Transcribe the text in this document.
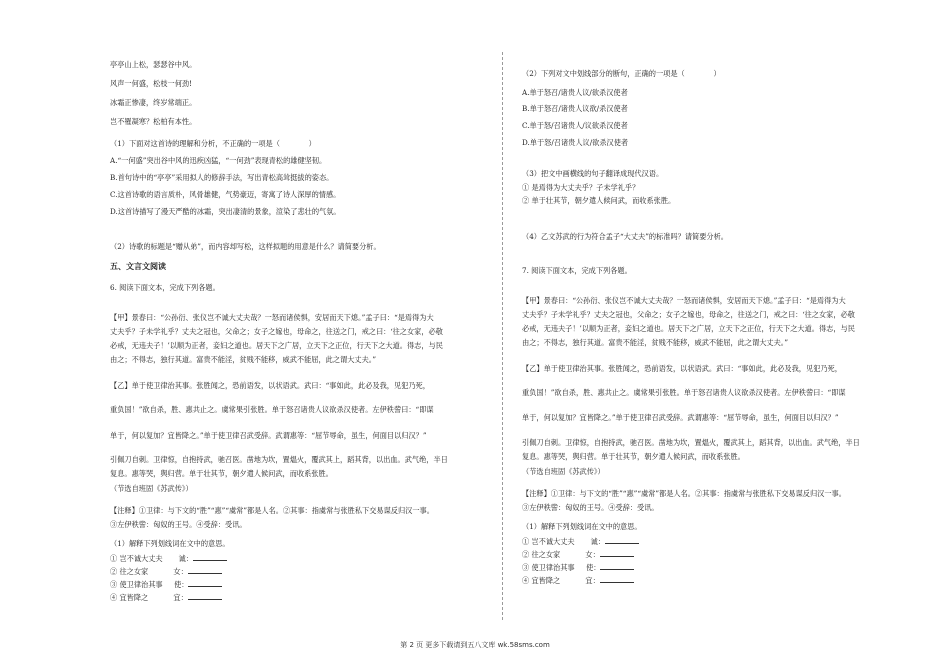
亭亭山上松，瑟瑟谷中风。
风声一何盛，松枝一何劲!
冰霜正惨凄，终岁常端正。
岂不罹凝寒？松柏有本性。
（1）下面对这首诗的理解和分析，不正确的一项是（　　　　）
A.“一何盛”突出谷中风的迅疾凶猛，“一何劲”表现青松的雄健坚韧。
B.首句诗中的“亭亭”采用拟人的修辞手法，写出青松高耸挺拔的姿态。
C.这首诗歌的语言质朴，风骨雄健，气势豪迈，寄寓了诗人深厚的情感。
D.这首诗描写了漫天严酷的冰霜，突出凄清的景象，渲染了悲壮的气氛。
（2）诗歌的标题是“赠从弟”，而内容却写松，这样拟题的用意是什么？请简要分析。
五、文言文阅读
6. 阅读下面文本，完成下列各题。
【甲】景春曰：“公孙衍、张仪岂不诚大丈夫哉？一怒而诸侯惧，安居而天下熄。”孟子曰：“是焉得为大
丈夫乎？子未学礼乎？丈夫之冠也，父命之；女子之嫁也，母命之，往送之门，戒之曰：‘往之女家，必敬
必戒，无违夫子！’以顺为正者，妾妇之道也。居天下之广居，立天下之正位，行天下之大道。得志，与民
由之；不得志，独行其道。富贵不能淫，贫贱不能移，威武不能屈，此之谓大丈夫。”
【乙】单于使卫律治其事。张胜闻之，恐前语发，以状语武。武曰：“事如此，此必及我，见犯乃死，
重负国！”欲自杀，胜、惠共止之。虞常果引张胜。单于怒召诸贵人议欲杀汉使者。左伊秩訾曰：“即谋
单于，何以复加？宜皆降之。”单于使卫律召武受辞。武谓惠等：“屈节辱命，虽生，何面目以归汉？”
引佩刀自刺。卫律惊，自抱持武，驰召医。凿地为坎，置煴火，覆武其上，蹈其背，以出血。武气绝，半日
复息。惠等哭，舆归营。单于壮其节，朝夕遣人候问武，而收系张胜。
（节选自班固《苏武传》）
【注释】①卫律：与下文的“胜”“惠”“虞常”都是人名。②其事：指虞常与张胜私下交易谋反归汉一事。
③左伊秩訾：匈奴的王号。④受辞：受讯。
（1）解释下列划线词在文中的意思。
① 岂不诚大丈夫 诚：
② 往之女家	女：
③ 使卫律治其事 使：
④ 宜皆降之	宜：
（2）下列对文中划线部分的断句，正确的一项是（　　　　）
A.单于怒召/诸贵人议/欲杀汉使者
B.单于怒召/诸贵人议欲/杀汉使者
C.单于怒/召诸贵人/议欲杀汉使者
D.单于怒/召诸贵人议/欲杀汉使者
（3）把文中画横线的句子翻译成现代汉语。
① 是焉得为大丈夫乎？子未学礼乎？
② 单于壮其节，朝夕遣人候问武，而收系张胜。
（4）乙文苏武的行为符合孟子“大丈夫”的标准吗？请简要分析。
7. 阅读下面文本，完成下列各题。
【甲】景春曰：“公孙衍、张仪岂不诚大丈夫哉？一怒而诸侯惧，安居而天下熄。”孟子曰：“是焉得为大
丈夫乎？子未学礼乎？丈夫之冠也，父命之；女子之嫁也，母命之，往送之门，戒之曰：‘往之女家，必敬
必戒，无违夫子！’以顺为正者，妾妇之道也。居天下之广居，立天下之正位，行天下之大道。得志，与民
由之；不得志，独行其道。富贵不能淫，贫贱不能移，威武不能屈，此之谓大丈夫。”
【乙】单于使卫律治其事。张胜闻之，恐前语发，以状语武。武曰：“事如此，此必及我，见犯乃死，
重负国！”欲自杀，胜、惠共止之。虞常果引张胜。单于怒召诸贵人议欲杀汉使者。左伊秩訾曰：“即谋
单于，何以复加？宜皆降之。”单于使卫律召武受辞。武谓惠等：“屈节辱命，虽生，何面目以归汉？”
引佩刀自刺。卫律惊，自抱持武，驰召医。凿地为坎，置煴火，覆武其上，蹈其背，以出血。武气绝，半日
复息。惠等哭，舆归营。单于壮其节，朝夕遣人候问武，而收系张胜。
（节选自班固《苏武传》）
【注释】①卫律：与下文的“胜”“惠”“虞常”都是人名。②其事：指虞常与张胜私下交易谋反归汉一事。
③左伊秩訾：匈奴的王号。④受辞：受讯。
（1）解释下列划线词在文中的意思。
① 岂不诚大丈夫 诚：
② 往之女家	女：
③ 使卫律治其事 使：
④ 宜皆降之	宜：
第 2 页 更多下载请到五八文库 wk.58sms.com
